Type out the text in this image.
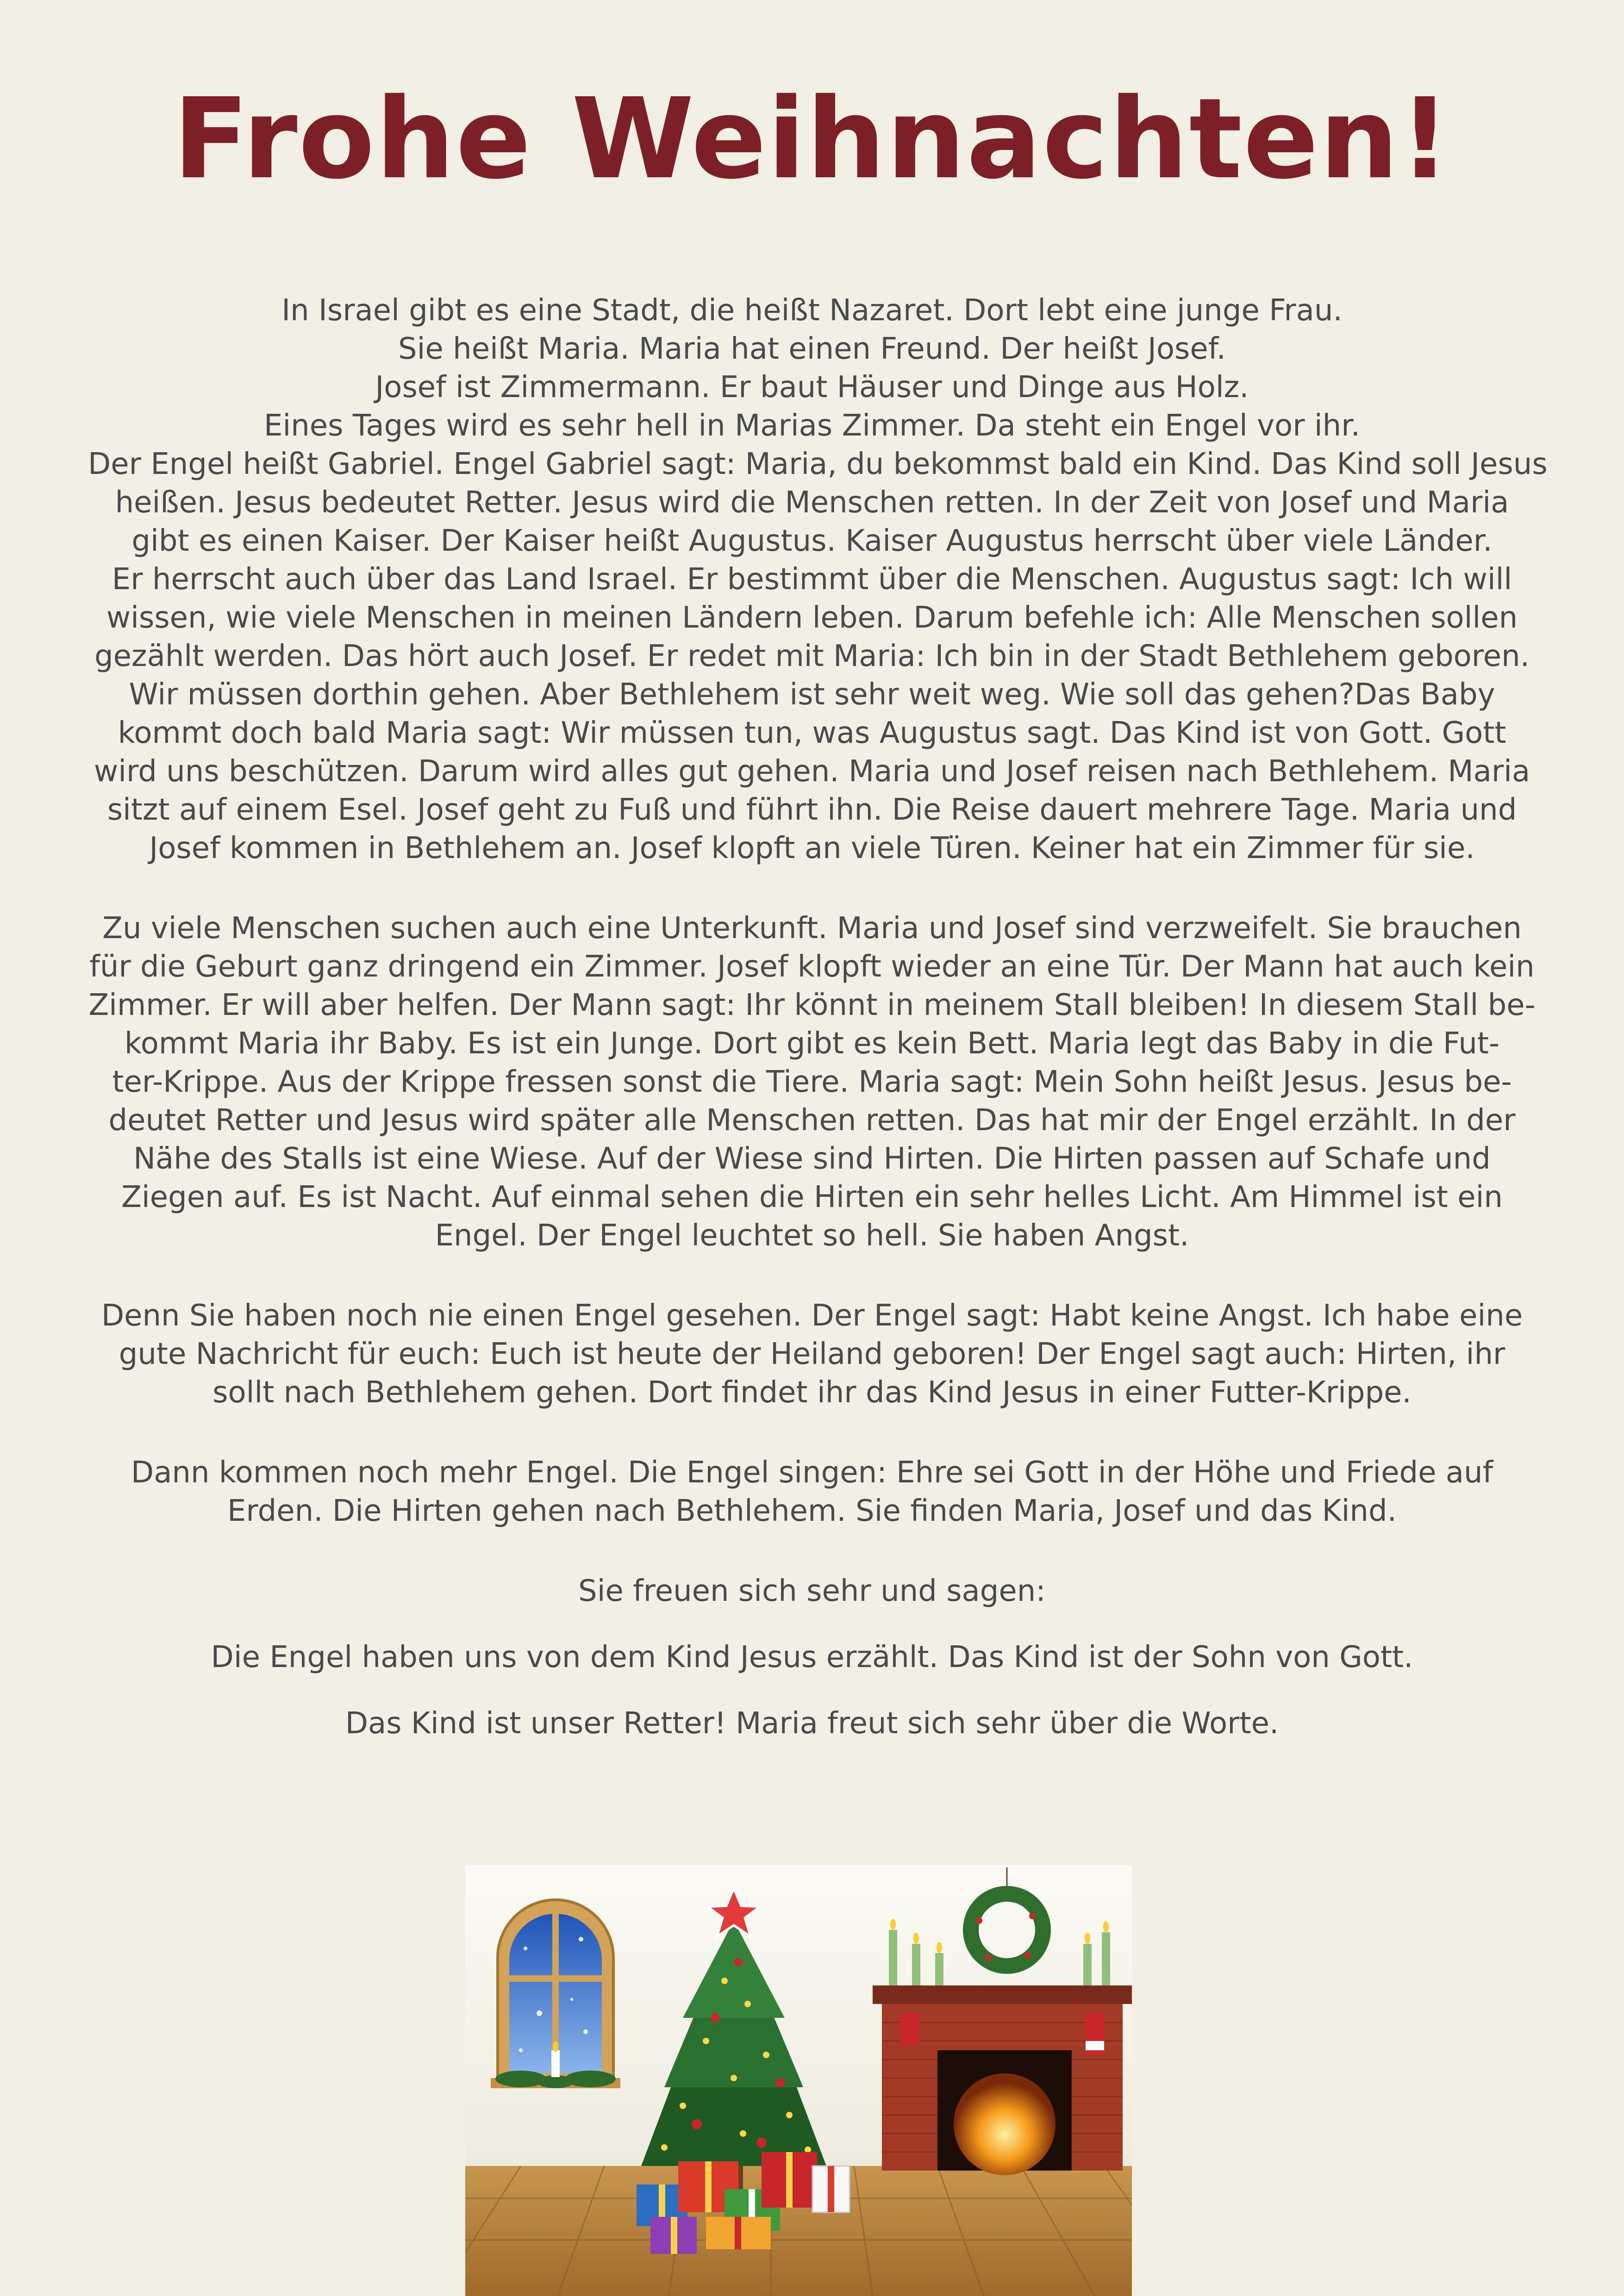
Frohe Weihnachten!
In Israel gibt es eine Stadt, die heißt Nazaret. Dort lebt eine junge Frau.
Sie heißt Maria. Maria hat einen Freund. Der heißt Josef.
Josef ist Zimmermann. Er baut Häuser und Dinge aus Holz.
Eines Tages wird es sehr hell in Marias Zimmer. Da steht ein Engel vor ihr.
Der Engel heißt Gabriel. Engel Gabriel sagt: Maria, du bekommst bald ein Kind. Das Kind soll Jesus
heißen. Jesus bedeutet Retter. Jesus wird die Menschen retten. In der Zeit von Josef und Maria
gibt es einen Kaiser. Der Kaiser heißt Augustus. Kaiser Augustus herrscht über viele Länder.
Er herrscht auch über das Land Israel. Er bestimmt über die Menschen. Augustus sagt: Ich will
wissen, wie viele Menschen in meinen Ländern leben. Darum befehle ich: Alle Menschen sollen
gezählt werden. Das hört auch Josef. Er redet mit Maria: Ich bin in der Stadt Bethlehem geboren.
Wir müssen dorthin gehen. Aber Bethlehem ist sehr weit weg. Wie soll das gehen?Das Baby
kommt doch bald Maria sagt: Wir müssen tun, was Augustus sagt. Das Kind ist von Gott. Gott
wird uns beschützen. Darum wird alles gut gehen. Maria und Josef reisen nach Bethlehem. Maria
sitzt auf einem Esel. Josef geht zu Fuß und führt ihn. Die Reise dauert mehrere Tage. Maria und
Josef kommen in Bethlehem an. Josef klopft an viele Türen. Keiner hat ein Zimmer für sie.
Zu viele Menschen suchen auch eine Unterkunft. Maria und Josef sind verzweifelt. Sie brauchen
für die Geburt ganz dringend ein Zimmer. Josef klopft wieder an eine Tür. Der Mann hat auch kein
Zimmer. Er will aber helfen. Der Mann sagt: Ihr könnt in meinem Stall bleiben! In diesem Stall be-
kommt Maria ihr Baby. Es ist ein Junge. Dort gibt es kein Bett. Maria legt das Baby in die Fut-
ter-Krippe. Aus der Krippe fressen sonst die Tiere. Maria sagt: Mein Sohn heißt Jesus. Jesus be-
deutet Retter und Jesus wird später alle Menschen retten. Das hat mir der Engel erzählt. In der
Nähe des Stalls ist eine Wiese. Auf der Wiese sind Hirten. Die Hirten passen auf Schafe und
Ziegen auf. Es ist Nacht. Auf einmal sehen die Hirten ein sehr helles Licht. Am Himmel ist ein
Engel. Der Engel leuchtet so hell. Sie haben Angst.
Denn Sie haben noch nie einen Engel gesehen. Der Engel sagt: Habt keine Angst. Ich habe eine
gute Nachricht für euch: Euch ist heute der Heiland geboren! Der Engel sagt auch: Hirten, ihr
sollt nach Bethlehem gehen. Dort findet ihr das Kind Jesus in einer Futter-Krippe.
Dann kommen noch mehr Engel. Die Engel singen: Ehre sei Gott in der Höhe und Friede auf
Erden. Die Hirten gehen nach Bethlehem. Sie finden Maria, Josef und das Kind.
Sie freuen sich sehr und sagen:
Die Engel haben uns von dem Kind Jesus erzählt. Das Kind ist der Sohn von Gott.
Das Kind ist unser Retter! Maria freut sich sehr über die Worte.
